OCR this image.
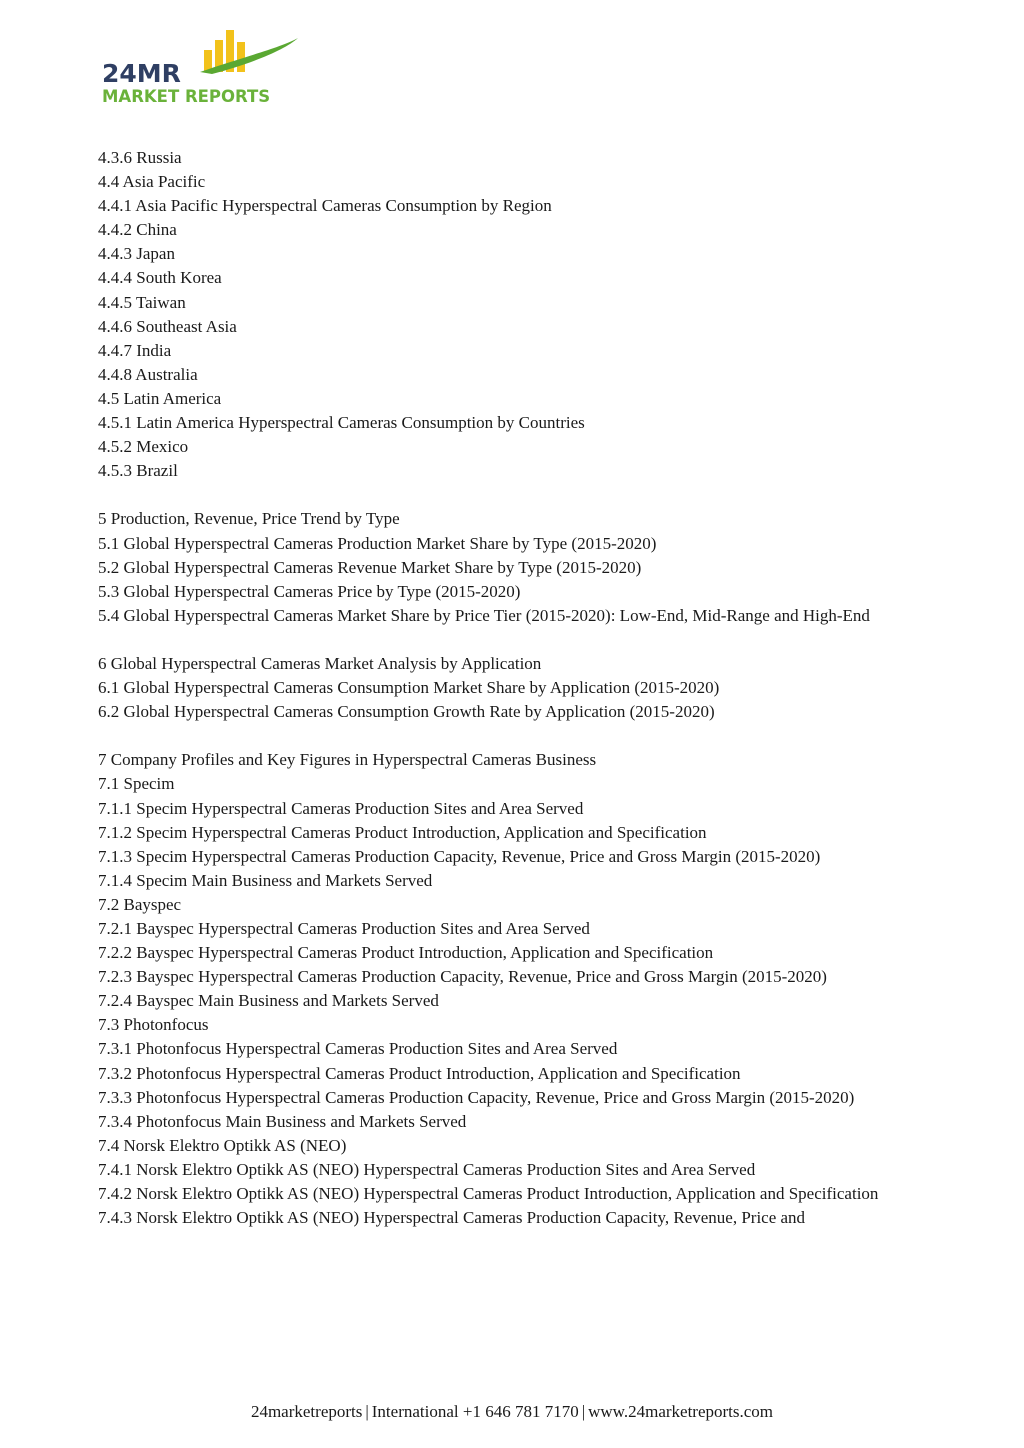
24MR
MARKET REPORTS
4.3.6 Russia
4.4 Asia Pacific
4.4.1 Asia Pacific Hyperspectral Cameras Consumption by Region
4.4.2 China
4.4.3 Japan
4.4.4 South Korea
4.4.5 Taiwan
4.4.6 Southeast Asia
4.4.7 India
4.4.8 Australia
4.5 Latin America
4.5.1 Latin America Hyperspectral Cameras Consumption by Countries
4.5.2 Mexico
4.5.3 Brazil
5 Production, Revenue, Price Trend by Type
5.1 Global Hyperspectral Cameras Production Market Share by Type (2015-2020)
5.2 Global Hyperspectral Cameras Revenue Market Share by Type (2015-2020)
5.3 Global Hyperspectral Cameras Price by Type (2015-2020)
5.4 Global Hyperspectral Cameras Market Share by Price Tier (2015-2020): Low-End, Mid-Range and High-End
6 Global Hyperspectral Cameras Market Analysis by Application
6.1 Global Hyperspectral Cameras Consumption Market Share by Application (2015-2020)
6.2 Global Hyperspectral Cameras Consumption Growth Rate by Application (2015-2020)
7 Company Profiles and Key Figures in Hyperspectral Cameras Business
7.1 Specim
7.1.1 Specim Hyperspectral Cameras Production Sites and Area Served
7.1.2 Specim Hyperspectral Cameras Product Introduction, Application and Specification
7.1.3 Specim Hyperspectral Cameras Production Capacity, Revenue, Price and Gross Margin (2015-2020)
7.1.4 Specim Main Business and Markets Served
7.2 Bayspec
7.2.1 Bayspec Hyperspectral Cameras Production Sites and Area Served
7.2.2 Bayspec Hyperspectral Cameras Product Introduction, Application and Specification
7.2.3 Bayspec Hyperspectral Cameras Production Capacity, Revenue, Price and Gross Margin (2015-2020)
7.2.4 Bayspec Main Business and Markets Served
7.3 Photonfocus
7.3.1 Photonfocus Hyperspectral Cameras Production Sites and Area Served
7.3.2 Photonfocus Hyperspectral Cameras Product Introduction, Application and Specification
7.3.3 Photonfocus Hyperspectral Cameras Production Capacity, Revenue, Price and Gross Margin (2015-2020)
7.3.4 Photonfocus Main Business and Markets Served
7.4 Norsk Elektro Optikk AS (NEO)
7.4.1 Norsk Elektro Optikk AS (NEO) Hyperspectral Cameras Production Sites and Area Served
7.4.2 Norsk Elektro Optikk AS (NEO) Hyperspectral Cameras Product Introduction, Application and Specification
7.4.3 Norsk Elektro Optikk AS (NEO) Hyperspectral Cameras Production Capacity, Revenue, Price and
24marketreports | International +1 646 781 7170 | www.24marketreports.com
